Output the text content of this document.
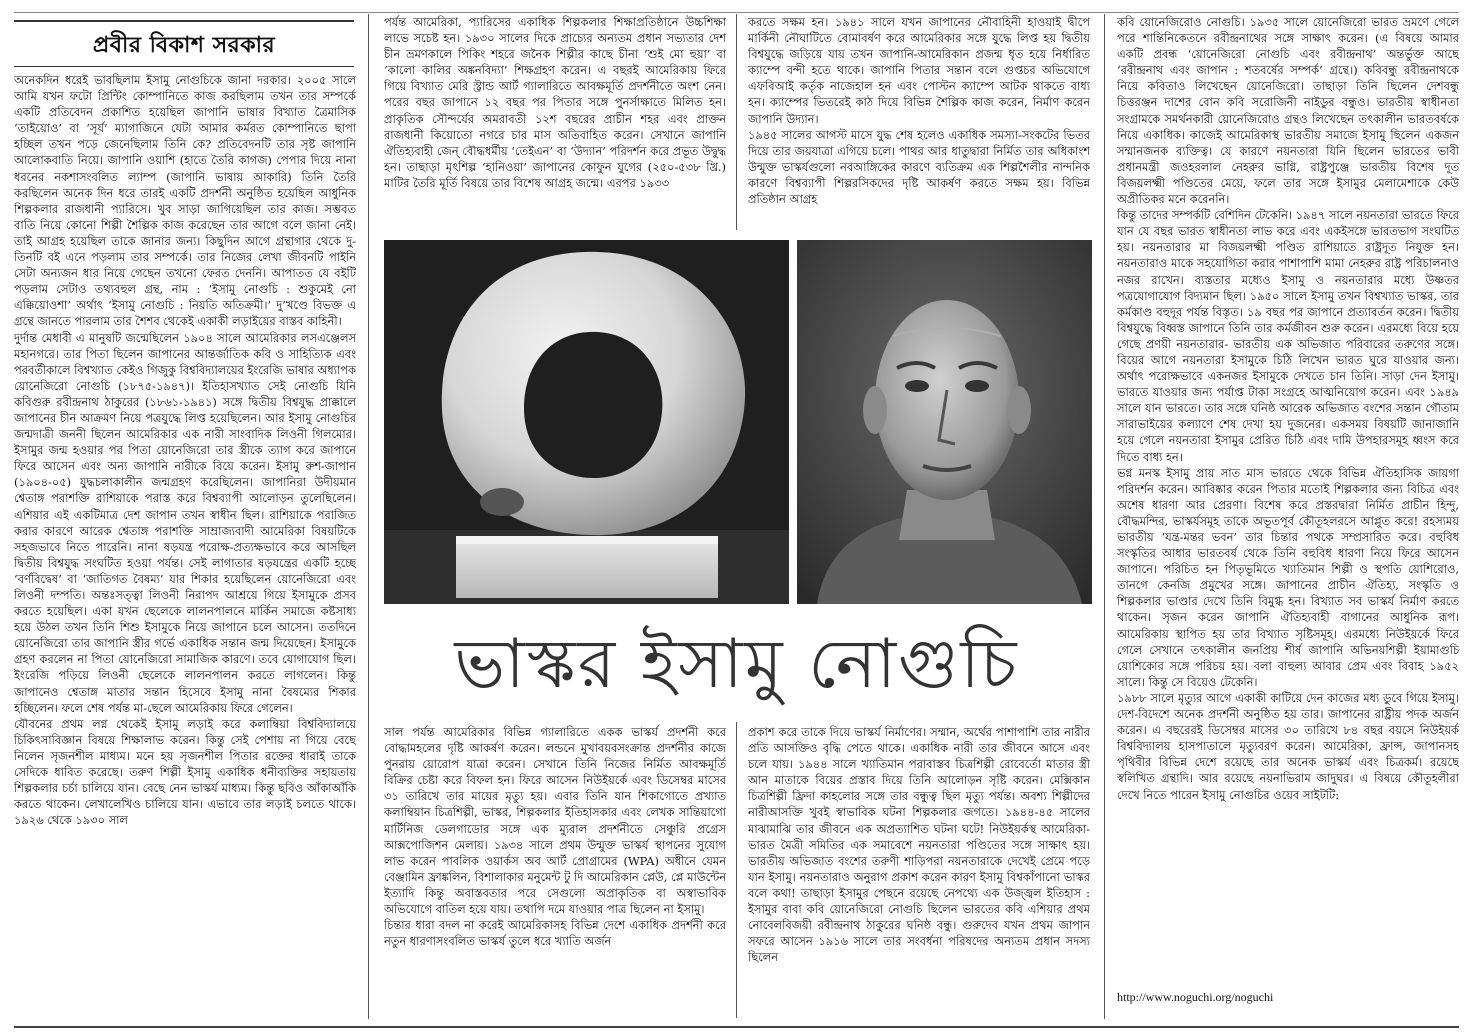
প্রবীর বিকাশ সরকার

অনেকদিন ধরেই ভাবছিলাম ইসামু নোগুচিকে জানা দরকার। ২০০৫ সালে আমি যখন ফটো প্রিন্টিং কোম্পানিতে কাজ করছিলাম তখন তার সম্পর্কে একটি প্রতিবেদন প্রকাশিত হয়েছিল জাপানি ভাষার বিখ্যাত ত্রৈমাসিক ‘তাইয়োও’ বা ‘সূর্য’ ম্যাগাজিনে যেটা আমার কর্মরত কোম্পানিতে ছাপা হচ্ছিল তখন পড়ে জেনেছিলাম তিনি কে? প্রতিবেদনটি তার সৃষ্ট জাপানি আলোকবাতি নিয়ে। জাপানি ওয়াশি (হাতে তৈরি কাগজ) পেপার দিয়ে নানা ধরনের নকশাসংবলিত ল্যাম্প (জাপানি ভাষায় আকারি) তিনি তৈরি করছিলেন অনেক দিন ধরে তারই একটি প্রদর্শনী অনুষ্ঠিত হয়েছিল আধুনিক শিল্পকলার রাজধানী প্যারিসে। খুব সাড়া জাগিয়েছিল তার কাজ। সম্ভবত বাতি নিয়ে কোনো শিল্পী শৈল্পিক কাজ করেছেন তার আগে বলে জানা নেই। তাই আগ্রহ হয়েছিল তাকে জানার জন্য। কিছুদিন আগে গ্রন্থাগার থেকে দু-তিনটি বই এনে পড়লাম তার সম্পর্কে। তার নিজের লেখা জীবনটি পাইনি সেটা অন্যজন ধার নিয়ে গেছেন তখনো ফেরত দেননি। আপাতত যে বইটি পড়লাম সেটাও তথ্যবহুল গ্রন্থ, নাম : ‘ইসামু নোগুচি : শুকুমেই নো এক্কিয়োওশা’ অর্থাৎ ‘ইসামু নোগুচি : নিয়তি অতিক্রমী।’ দু’খণ্ডে বিভক্ত এ গ্রন্থে জানতে পারলাম তার শৈশব থেকেই একাকী লড়াইয়ের বাস্তব কাহিনী।

দুর্দান্ত মেধাবী এ মানুষটি জন্মেছিলেন ১৯০৪ সালে আমেরিকার লসএঞ্জেলস মহানগরে। তার পিতা ছিলেন জাপানের আন্তর্জাতিক কবি ও সাহিত্যিক এবং পরবর্তীকালে বিশ্বখ্যাত কেইও গিজুকু বিশ্ববিদ্যালয়ের ইংরেজি ভাষার অধ্যাপক য়োনেজিরো নোগুচি (১৮৭৫-১৯৪৭)। ইতিহাসখ্যাত সেই নোগুচি যিনি কবিগুরু রবীন্দ্রনাথ ঠাকুরের (১৮৬১-১৯৪১) সঙ্গে দ্বিতীয় বিশ্বযুদ্ধ প্রাক্কালে জাপানের চীন আক্রমণ নিয়ে পত্রযুদ্ধে লিপ্ত হয়েছিলেন। আর ইসামু নোগুচির জন্মদাত্রী জননী ছিলেন আমেরিকার এক নারী সাংবাদিক লিওনী গিলমোর। ইসামুর জন্ম হওয়ার পর পিতা য়োনেজিরো তার স্ত্রীকে ত্যাগ করে জাপানে ফিরে আসেন এবং অন্য জাপানি নারীকে বিয়ে করেন। ইসামু রুশ-জাপান (১৯০৪-০৫) যুদ্ধচলাকালীন জন্মগ্রহণ করেছিলেন। জাপানিরা উদীয়মান শ্বেতাঙ্গ পরাশক্তি রাশিয়াকে পরাস্ত করে বিশ্বব্যাপী আলোড়ন তুলেছিলেন। এশিয়ার এই একটিমাত্র দেশ জাপান তখন স্বাধীন ছিল। রাশিয়াকে পরাজিত করার কারণে আরেক শ্বেতাঙ্গ পরাশক্তি সাম্রাজ্যবাদী আমেরিকা বিষয়টিকে সহজভাবে নিতে পারেনি। নানা ষড়যন্ত্র পরোক্ষ-প্রত্যক্ষভাবে করে আসছিল দ্বিতীয় বিশ্বযুদ্ধ সংঘটিত হওয়া পর্যন্ত। সেই লাগাতার ষড়যন্ত্রের একটি হচ্ছে ‘বর্ণবিদ্বেষ’ বা ‘জাতিগত বৈষম্য’ যার শিকার হয়েছিলেন য়োনেজিরো এবং লিওনী দম্পতি। অন্তঃসত্ত্বা লিওনী নিরাপদ আশ্রয়ে গিয়ে ইসামুকে প্রসব করতে হয়েছিল। একা যখন ছেলেকে লালনপালনে মার্কিন সমাজে কষ্টসাধ্য হয়ে উঠল তখন তিনি শিশু ইসামুকে নিয়ে জাপানে চলে আসেন। ততদিনে য়োনেজিরো তার জাপানি স্ত্রীর গর্ভে একাধিক সন্তান জন্ম দিয়েছেন। ইসামুকে গ্রহণ করলেন না পিতা য়োনেজিরো সামাজিক কারণে। তবে যোগাযোগ ছিল। ইংরেজি পড়িয়ে লিওনী ছেলেকে লালনপালন করতে লাগলেন। কিন্তু জাপানেও শ্বেতাঙ্গ মাতার সন্তান হিসেবে ইসামু নানা বৈষম্যের শিকার হচ্ছিলেন। ফলে শেষ পর্যন্ত মা-ছেলে আমেরিকায় ফিরে গেলেন।

যৌবনের প্রথম লগ্ন থেকেই ইসামু লড়াই করে কলাম্বিয়া বিশ্ববিদ্যালয়ে চিকিৎসাবিজ্ঞান বিষয়ে শিক্ষালাভ করেন। কিন্তু সেই পেশায় না গিয়ে বেছে নিলেন সৃজনশীল মাধ্যম। মনে হয় সৃজনশীল পিতার রক্তের ধারাই তাকে সেদিকে ধাবিত করেছে। তরুণ শিল্পী ইসামু একাধিক ধনীব্যক্তির সহায়তায় শিল্পকলার চর্চা চালিয়ে যান। বেছে নেন ভাস্কর্য মাধ্যম। কিন্তু ছবিও আঁকাআঁকি করতে থাকেন। লেখালেখিও চালিয়ে যান। এভাবে তার লড়াই চলতে থাকে। ১৯২৬ থেকে ১৯৩০ সাল

পর্যন্ত আমেরিকা, প্যারিসের একাধিক শিল্পকলার শিক্ষাপ্রতিষ্ঠানে উচ্চশিক্ষা লাভে সচেষ্ট হন। ১৯৩০ সালের দিকে প্রাচ্যের অন্যতম প্রধান সভ্যতার দেশ চীন ভ্রমণকালে পিকিং শহরে জনৈক শিল্পীর কাছে চীনা ‘শুই মো হুয়া’ বা ‘কালো কালির অঙ্কনবিদ্যা’ শিক্ষগ্রহণ করেন। এ বছরই আমেরিকায় ফিরে গিয়ে বিখ্যাত মেরি স্ট্রান্ড আর্ট গ্যালারিতে আবক্ষমূর্তি প্রদর্শনীতে অংশ নেন। পরের বছর জাপানে ১২ বছর পর পিতার সঙ্গে পুনর্সাক্ষাতে মিলিত হন। প্রাকৃতিক সৌন্দর্যের অমরাবতী ১২শ বছরের প্রাচীন শহর এবং প্রাক্তন রাজধানী কিয়োতো নগরে চার মাস অতিবাহিত করেন। সেখানে জাপানি ঐতিহ্যবাহী জেন্ বৌদ্ধধর্মীয় ‘তেইএন’ বা ‘উদ্যান’ পরিদর্শন করে প্রভূত উদ্বুদ্ধ হন। তাছাড়া মৃৎশিল্প ‘হানিওয়া’ জাপানের কোফুন যুগের (২৫০-৫৩৮ খ্রি.) মাটির তৈরি মূর্তি বিষয়ে তার বিশেষ আগ্রহ জন্মে। এরপর ১৯৩৩

করতে সক্ষম হন। ১৯৪১ সালে যখন জাপানের নৌবাহিনী হাওয়াই দ্বীপে মার্কিনী নৌঘাটিতে বোমাবর্ষণ করে আমেরিকার সঙ্গে যুদ্ধে লিপ্ত হয় দ্বিতীয় বিশ্বযুদ্ধে জড়িয়ে যায় তখন জাপানি-আমেরিকান প্রজন্ম ধৃত হয়ে নির্ধারিত ক্যাম্পে বন্দী হতে থাকে। জাপানি পিতার সন্তান বলে গুপ্তচর অভিযোগে এফবিআই কর্তৃক নাজেহাল হন এবং পোস্টন ক্যাম্পে আটক থাকতে বাধ্য হন। ক্যাম্পের ভিতরেই কাঠ দিয়ে বিভিন্ন শৈল্পিক কাজ করেন, নির্মাণ করেন জাপানি উদ্যান।

১৯৪৫ সালের আগস্ট মাসে যুদ্ধ শেষ হলেও একাধিক সমস্যা-সংকটের ভিতর দিয়ে তার জয়যাত্রা এগিয়ে চলে। পাথর আর ধাতুদ্বারা নির্মিত তার অধিকাংশ উন্মুক্ত ভাস্কর্যগুলো নবআঙ্গিকের কারণে ব্যতিক্রম এক শিল্পশৈলীর নান্দনিক কারণে বিশ্বব্যাপী শিল্পরসিকদের দৃষ্টি আকর্ষণ করতে সক্ষম হয়। বিভিন্ন প্রতিষ্ঠান আগ্রহ

ভাস্কর ইসামু নোগুচি

সাল পর্যন্ত আমেরিকার বিভিন্ন গ্যালারিতে একক ভাস্কর্য প্রদর্শনী করে বোদ্ধামহলের দৃষ্টি আকর্ষণ করেন। লন্ডনে মুখাবয়বসংক্রান্ত প্রদর্শনীর কাজে পুনরায় য়োরোপ যাত্রা করেন। সেখানে তিনি নিজের নির্মিত আবক্ষমূর্তি বিক্রির চেষ্টা করে বিফল হন। ফিরে আসেন নিউইয়র্কে এবং ডিসেম্বর মাসের ৩১ তারিখে তার মায়ের মৃত্যু হয়। এবার তিনি যান শিকাগোতে প্রখ্যাত কলাম্বিয়ান চিত্রশিল্পী, ভাস্কর, শিল্পকলার ইতিহাসকার এবং লেখক সান্তিয়াগো মার্টিনিজ ডেলগাডোর সঙ্গে এক ম্যুরাল প্রদর্শনীতে সেঞ্চুরি প্রগ্রেস আক্সপোজিশন মেলায়। ১৯৩৪ সালে প্রথম উন্মুক্ত ভাস্কর্য স্থাপনের সুযোগ লাভ করেন পাবলিক ওয়ার্কস অব আর্ট প্রোগ্রামের (WPA) অধীনে যেমন বেঞ্জামিন ফ্রাঙ্কলিন, বিশালাকার মনুমেন্ট টু দি আমেরিকান প্লেউ, প্লে মাউন্টেন ইত্যাদি কিন্তু অবাস্তবতার পরে সেগুলো অপ্রাকৃতিক বা অস্বাভাবিক অভিযোগে বাতিল হয়ে যায়। তথাপি দমে যাওয়ার পাত্র ছিলেন না ইসামু।

চিন্তার ধারা বদল না করেই আমেরিকাসহ বিভিন্ন দেশে একাধিক প্রদর্শনী করে নতুন ধারণাসংবলিত ভাস্কর্য তুলে ধরে খ্যাতি অর্জন

প্রকাশ করে তাকে দিয়ে ভাস্কর্য নির্মাণের। সম্মান, অর্থের পাশাপাশি তার নারীর প্রতি আসক্তিও বৃদ্ধি পেতে থাকে। একাধিক নারী তার জীবনে আসে এবং চলে যায়। ১৯৪৪ সালে খ্যাতিমান পরাবাস্তব চিত্রশিল্পী রোবের্তো মাতার স্ত্রী আন মাতাকে বিয়ের প্রস্তাব দিয়ে তিনি আলোড়ন সৃষ্টি করেন। মেক্সিকান চিত্রশিল্পী ফ্রিদা কাহলোর সঙ্গে তার বন্ধুত্ব ছিল মৃত্যু পর্যন্ত। অবশ্য শিল্পীদের নারীআসক্তি খুবই স্বাভাবিক ঘটনা শিল্পকলার জগতে। ১৯৪৪-৪৫ সালের মাঝামাঝি তার জীবনে এক অপ্রত্যাশিত ঘটনা ঘটে! নিউইয়র্কস্থ আমেরিকা-ভারত মৈত্রী সমিতির এক সমাবেশে নয়নতারা পণ্ডিতের সঙ্গে সাক্ষাৎ হয়। ভারতীয় অভিজাত বংশের তরুণী শাড়িপরা নয়নতারাকে দেখেই প্রেমে পড়ে যান ইসামু। নয়নতারাও অনুরাগ প্রকাশ করেন কারণ ইসামু বিশ্বকাঁপানো ভাস্কর বলে কথা! তাছাড়া ইসামুর পেছনে রয়েছে নেপথ্যে এক উজ্জ্বল ইতিহাস : ইসামুর বাবা কবি য়োনেজিরো নোগুচি ছিলেন ভারতের কবি এশিয়ার প্রথম নোবেলবিজয়ী রবীন্দ্রনাথ ঠাকুরের ঘনিষ্ঠ বন্ধু। গুরুদেব যখন প্রথম জাপান সফরে আসেন ১৯১৬ সালে তার সংবর্ধনা পরিষদের অন্যতম প্রধান সদস্য ছিলেন

কবি য়োনেজিরোও নোগুচি। ১৯৩৫ সালে য়োনেজিরো ভারত ভ্রমণে গেলে পরে শান্তিনিকেতনে রবীন্দ্রনাথের সঙ্গে সাক্ষাৎ করেন। (এ বিষয়ে আমার একটি প্রবন্ধ ‘য়োনেজিরো নোগুচি এবং রবীন্দ্রনাথ’ অন্তর্ভুক্ত আছে ‘রবীন্দ্রনাথ এবং জাপান : শতবর্ষের সম্পর্ক’ গ্রন্থে।) কবিবন্ধু রবীন্দ্রনাথকে নিয়ে কবিতাও লিখেছেন য়োনেজিরো। তাছাড়া তিনি ছিলেন দেশবন্ধু চিত্তরঞ্জন দাশের বোন কবি সরোজিনী নাইডুর বন্ধুও। ভারতীয় স্বাধীনতা সংগ্রামকে সমর্থনকারী য়োনেজিরোও গ্রন্থও লিখেছেন তৎকালীন ভারতবর্ষকে নিয়ে একাধিক। কাজেই আমেরিকাস্থ ভারতীয় সমাজে ইসামু ছিলেন একজন সম্মানজনক ব্যক্তিত্ব। যে কারণে নয়নতারা যিনি ছিলেন ভারতের ভাবী প্রধানমন্ত্রী জওহরলাল নেহরুর ভাগ্নি, রাষ্ট্রপুঞ্জে ভারতীয় বিশেষ দূত বিজয়লক্ষ্মী পণ্ডিতের মেয়ে, ফলে তার সঙ্গে ইসামুর মেলামেশাকে কেউ অপ্রীতিকর মনে করেননি।

কিন্তু তাদের সম্পর্কটি বেশিদিন টেকেনি। ১৯৪৭ সালে নয়নতারা ভারতে ফিরে যান যে বছর ভারত স্বাধীনতা লাভ করে এবং একইসঙ্গে ভারতভাগ সংঘটিত হয়। নয়নতারার মা বিজয়লক্ষ্মী পণ্ডিত রাশিয়াতে রাষ্ট্রদূত নিযুক্ত হন। নয়নতারাও মাকে সহযোগিতা করার পাশাপাশি মামা নেহরুর রাষ্ট্র পরিচালনাও নজর রাখেন। ব্যস্ততার মধ্যেও ইসামু ও নয়নতারার মধ্যে উষ্ণতর পত্রযোগাযোগ বিদ্যমান ছিল। ১৯৫০ সালে ইসামু তখন বিশ্বখ্যাত ভাস্কর, তার কর্মকাণ্ড বহুদূর পর্যন্ত বিস্তৃত। ১৯ বছর পর জাপানে প্রত্যাবর্তন করেন। দ্বিতীয় বিশ্বযুদ্ধে বিধ্বস্ত জাপানে তিনি তার কর্মজীবন শুরু করেন। এরমধ্যে বিয়ে হয়ে গেছে প্রণয়ী নয়নতারার- ভারতীয় এক অভিজাত পরিবারের তরুণের সঙ্গে। বিয়ের আগে নয়নতারা ইসামুকে চিঠি লিখেন ভারত ঘুরে যাওয়ার জন্য। অর্থাৎ পরোক্ষভাবে একনজর ইসামুকে দেখতে চান তিনি। সাড়া দেন ইসামু। ভারতে যাওয়ার জন্য পর্যাপ্ত টাকা সংগ্রহে আত্মনিয়োগ করেন। এবং ১৯৪৯ সালে যান ভারতে। তার সঙ্গে ঘনিষ্ঠ আরেক অভিজাত বংশের সন্তান গৌতাম সারাভাইয়ের কল্যাণে শেষ দেখা হয় দুজনের। একসময় বিষয়টি জানাজানি হয়ে গেলে নয়নতারা ইসামুর প্রেরিত চিঠি এবং দামি উপহারসমূহ ধ্বংস করে দিতে বাধ্য হন।

ভগ্ন মনস্ক ইসামু প্রায় সাত মাস ভারতে থেকে বিভিন্ন ঐতিহাসিক জায়গা পরিদর্শন করেন। আবিষ্কার করেন পিতার মতোই শিল্পকলার জন্য বিচিত্র এবং অশেষ ধারণা আর প্রেরণা। বিশেষ করে প্রস্তরদ্বারা নির্মিত প্রাচীন হিন্দু, বৌদ্ধমন্দির, ভাস্কর্যসমূহ তাকে অভূতপূর্ব কৌতূহলরসে আপ্লুত করে! রহস্যময় ভারতীয় ‘যন্ত্র-মন্তর ভবন’ তার চিন্তার পথকে সম্প্রসারিত করে। বহুবিধ সংস্কৃতির আধার ভারতবর্ষ থেকে তিনি বহুবিধ ধারণা নিয়ে ফিরে আসেন জাপানে। পরিচিত হন পিতৃভূমিতে খ্যাতিমান শিল্পী ও স্থপতি য়োশিরোও, তানগে কেনজি প্রমুখের সঙ্গে। জাপানের প্রাচীন ঐতিহ্য, সংস্কৃতি ও শিল্পকলার ভাণ্ডার দেখে তিনি বিমুগ্ধ হন। বিখ্যাত সব ভাস্কর্য নির্মাণ করতে থাকেন। সৃজন করেন জাপানি ঐতিহ্যবাহী বাগানের আধুনিক রূপ। আমেরিকায় স্থাপিত হয় তার বিখ্যাত সৃষ্টিসমূহ। এরমধ্যে নিউইয়র্কে ফিরে গেলে সেখানে তৎকালীন জনপ্রিয় শীর্ষ জাপানি অভিনয়শিল্পী ইয়ামাগুচি য়োশিকোর সঙ্গে পরিচয় হয়। বলা বাহুল্য আবার প্রেম এবং বিবাহ ১৯৫২ সালে। কিন্তু সে বিয়েও টেকেনি।

১৯৮৮ সালে মৃত্যুর আগে একাকী কাটিয়ে দেন কাজের মধ্য ডুবে গিয়ে ইসামু। দেশ-বিদেশে অনেক প্রদর্শনী অনুষ্ঠিত হয় তার। জাপানের রাষ্ট্রীয় পদক অর্জন করেন। এ বছরেরই ডিসেম্বর মাসের ৩০ তারিখে ৮৪ বছর বয়সে নিউইয়র্ক বিশ্ববিদ্যালয় হাসপাতালে মৃত্যুবরণ করেন। আমেরিকা, ফ্রান্স, জাপানসহ পৃথিবীর বিভিন্ন দেশে রয়েছে তার অনেক ভাস্কর্য এবং চিত্রকর্ম। রয়েছে স্বলিখিত গ্রন্থাদি। আর রয়েছে নয়নাভিরাম জাদুঘর। এ বিষয়ে কৌতূহলীরা দেখে নিতে পারেন ইসামু নোগুচির ওয়েব সাইটটি:

http://www.noguchi.org/noguchi
